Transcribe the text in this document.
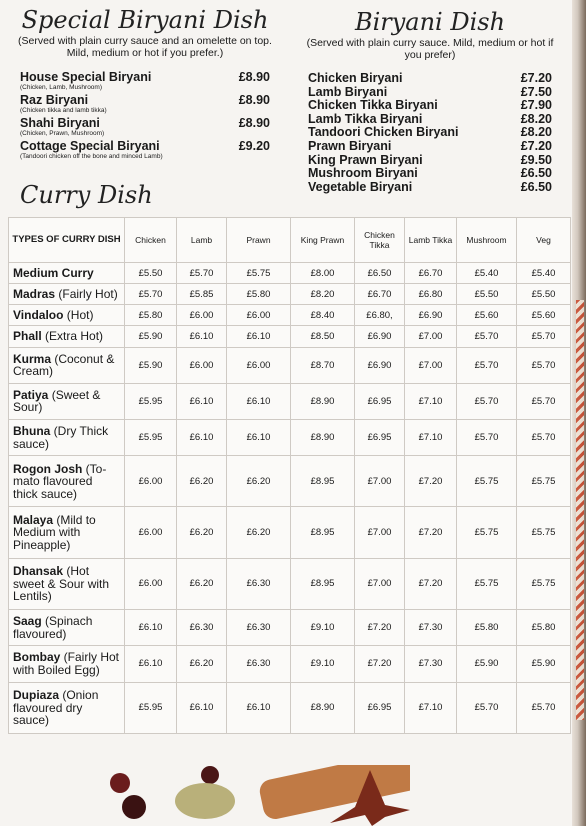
Special Biryani Dish
(Served with plain curry sauce and an omelette on top. Mild, medium or hot if you prefer.)
House Special Biryani
(Chicken, Lamb, Mushroom)
£8.90
Raz Biryani
(Chicken tikka and lamb tikka)
£8.90
Shahi Biryani
(Chicken, Prawn, Mushroom)
£8.90
Cottage Special Biryani
(Tandoori chicken off the bone and minced Lamb)
£9.20
Biryani Dish
(Served with plain curry sauce. Mild, medium or hot if you prefer)
Chicken Biryani	£7.20
Lamb Biryani	£7.50
Chicken Tikka Biryani	£7.90
Lamb Tikka Biryani	£8.20
Tandoori Chicken Biryani	£8.20
Prawn Biryani	£7.20
King Prawn Biryani	£9.50
Mushroom Biryani	£6.50
Vegetable Biryani	£6.50
Curry Dish
TYPES OF CURRY DISH	Chicken	Lamb	Prawn	King Prawn	Chicken Tikka	Lamb Tikka	Mushroom	Veg
Medium Curry	£5.50	£5.70	£5.75	£8.00	£6.50	£6.70	£5.40	£5.40
Madras (Fairly Hot)	£5.70	£5.85	£5.80	£8.20	£6.70	£6.80	£5.50	£5.50
Vindaloo (Hot)	£5.80	£6.00	£6.00	£8.40	£6.80,	£6.90	£5.60	£5.60
Phall (Extra Hot)	£5.90	£6.10	£6.10	£8.50	£6.90	£7.00	£5.70	£5.70
Kurma (Coconut & Cream)	£5.90	£6.00	£6.00	£8.70	£6.90	£7.00	£5.70	£5.70
Patiya (Sweet & Sour)	£5.95	£6.10	£6.10	£8.90	£6.95	£7.10	£5.70	£5.70
Bhuna (Dry Thick sauce)	£5.95	£6.10	£6.10	£8.90	£6.95	£7.10	£5.70	£5.70
Rogon Josh (To-mato flavoured thick sauce)	£6.00	£6.20	£6.20	£8.95	£7.00	£7.20	£5.75	£5.75
Malaya (Mild to Medium with Pineapple)	£6.00	£6.20	£6.20	£8.95	£7.00	£7.20	£5.75	£5.75
Dhansak (Hot sweet & Sour with Lentils)	£6.00	£6.20	£6.30	£8.95	£7.00	£7.20	£5.75	£5.75
Saag (Spinach flavoured)	£6.10	£6.30	£6.30	£9.10	£7.20	£7.30	£5.80	£5.80
Bombay (Fairly Hot with Boiled Egg)	£6.10	£6.20	£6.30	£9.10	£7.20	£7.30	£5.90	£5.90
Dupiaza (Onion flavoured dry sauce)	£5.95	£6.10	£6.10	£8.90	£6.95	£7.10	£5.70	£5.70
